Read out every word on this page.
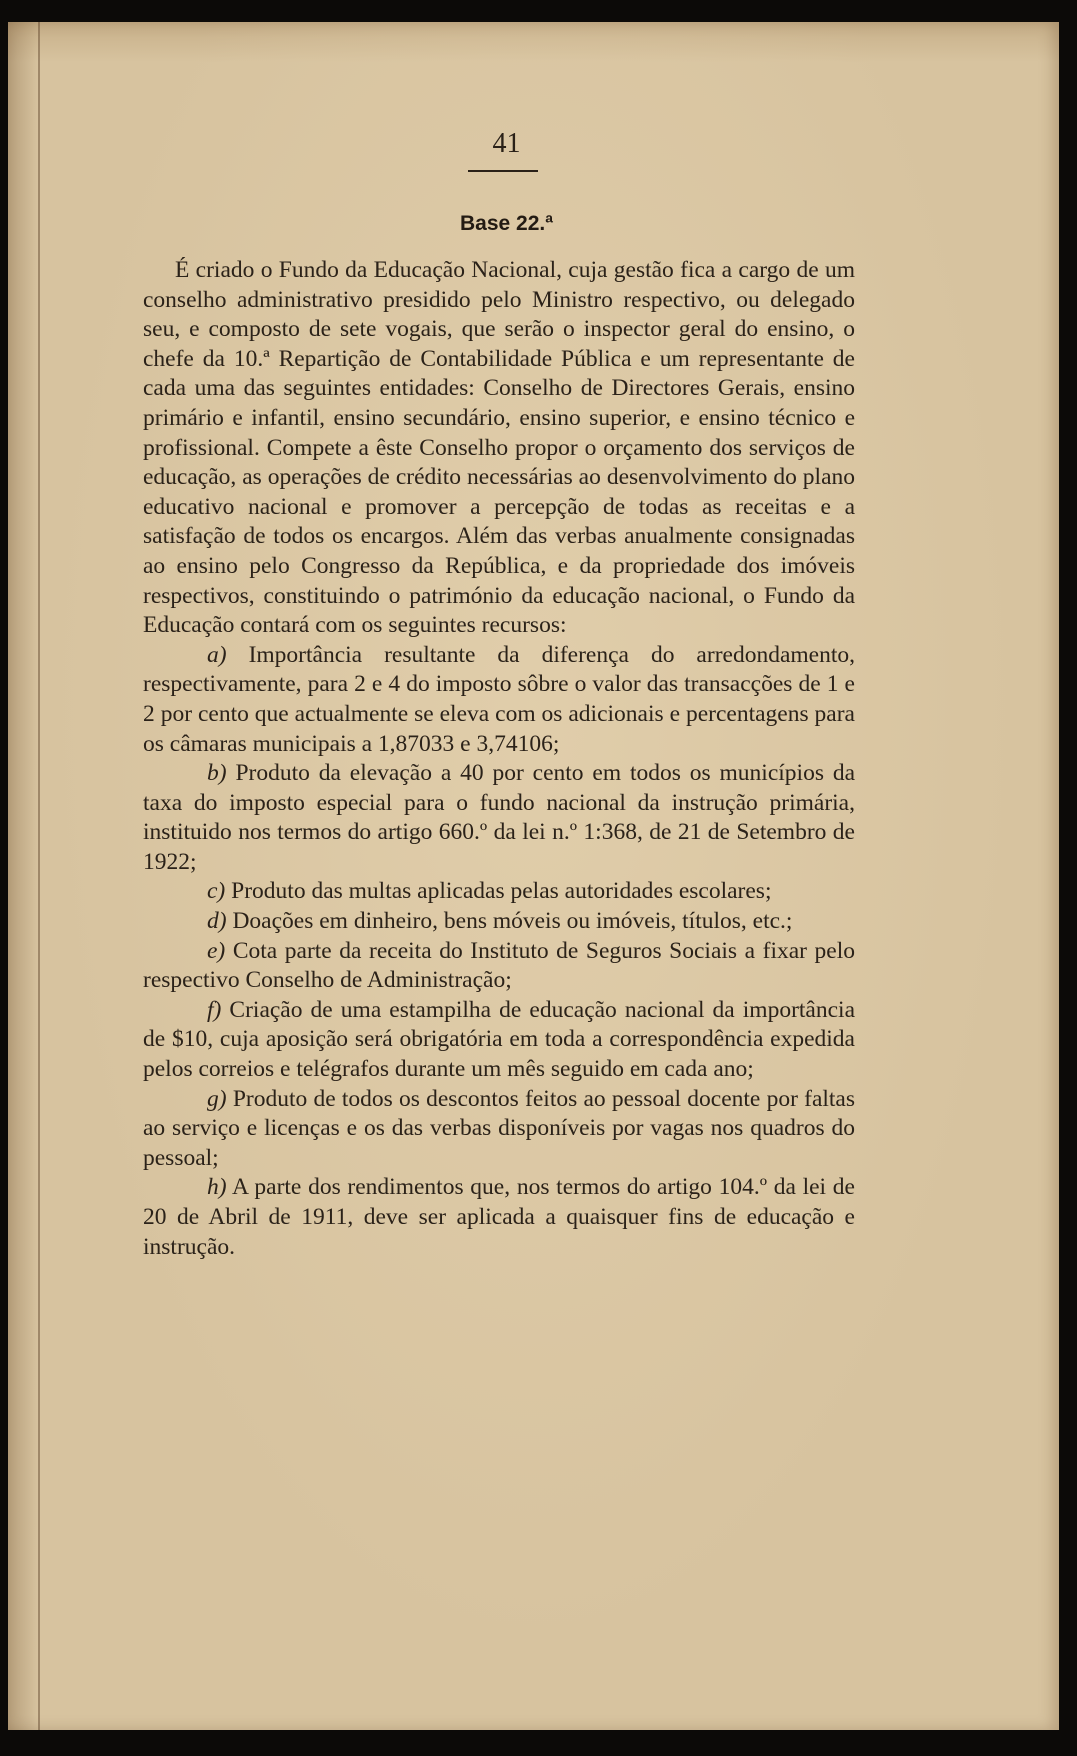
41
Base 22.ª

É criado o Fundo da Educação Nacional, cuja gestão fica a cargo de um conselho administrativo presidido pelo Ministro respectivo, ou delegado seu, e composto de sete vogais, que serão o inspector geral do ensino, o chefe da 10.ª Repartição de Contabilidade Pública e um representante de cada uma das seguintes entidades: Conselho de Directores Gerais, ensino primário e infantil, ensino secundário, ensino superior, e ensino técnico e profissional. Compete a êste Conselho propor o orçamento dos serviços de educação, as operações de crédito necessárias ao desenvolvimento do plano educativo nacional e promover a percepção de todas as receitas e a satisfação de todos os encargos. Além das verbas anualmente consignadas ao ensino pelo Congresso da República, e da propriedade dos imóveis respectivos, constituindo o património da educação nacional, o Fundo da Educação contará com os seguintes recursos:

a) Importância resultante da diferença do arredondamento, respectivamente, para 2 e 4 do imposto sôbre o valor das transacções de 1 e 2 por cento que actualmente se eleva com os adicionais e percentagens para os câmaras municipais a 1,87033 e 3,74106;

b) Produto da elevação a 40 por cento em todos os municípios da taxa do imposto especial para o fundo nacional da instrução primária, instituido nos termos do artigo 660.º da lei n.º 1:368, de 21 de Setembro de 1922;

c) Produto das multas aplicadas pelas autoridades escolares;

d) Doações em dinheiro, bens móveis ou imóveis, títulos, etc.;

e) Cota parte da receita do Instituto de Seguros Sociais a fixar pelo respectivo Conselho de Administração;

f) Criação de uma estampilha de educação nacional da importância de $10, cuja aposição será obrigatória em toda a correspondência expedida pelos correios e telégrafos durante um mês seguido em cada ano;

g) Produto de todos os descontos feitos ao pessoal docente por faltas ao serviço e licenças e os das verbas disponíveis por vagas nos quadros do pessoal;

h) A parte dos rendimentos que, nos termos do artigo 104.º da lei de 20 de Abril de 1911, deve ser aplicada a quaisquer fins de educação e instrução.
